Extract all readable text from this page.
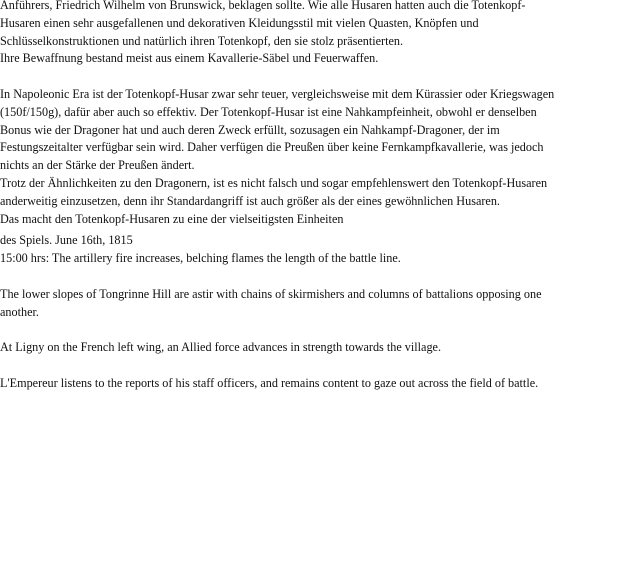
Anführers, Friedrich Wilhelm von Brunswick, beklagen sollte. Wie alle Husaren hatten auch die Totenkopf-Husaren einen sehr ausgefallenen und dekorativen Kleidungsstil mit vielen Quasten, Knöpfen und Schlüsselkonstruktionen und natürlich ihren Totenkopf, den sie stolz präsentierten.

Ihre Bewaffnung bestand meist aus einem Kavallerie-Säbel und Feuerwaffen.

In Napoleonic Era ist der Totenkopf-Husar zwar sehr teuer, vergleichsweise mit dem Kürassier oder Kriegswagen (150f/150g), dafür aber auch so effektiv. Der Totenkopf-Husar ist eine Nahkampfeinheit, obwohl er denselben Bonus wie der Dragoner hat und auch deren Zweck erfüllt, sozusagen ein Nahkampf-Dragoner, der im Festungszeitalter verfügbar sein wird. Daher verfügen die Preußen über keine Fernkampfkavallerie, was jedoch nichts an der Stärke der Preußen ändert.

Trotz der Ähnlichkeiten zu den Dragonern, ist es nicht falsch und sogar empfehlenswert den Totenkopf-Husaren anderweitig einzusetzen, denn ihr Standardangriff ist auch größer als der eines gewöhnlichen Husaren.

Das macht den Totenkopf-Husaren zu eine der vielseitigsten Einheiten

des Spiels. June 16th, 1815

15:00 hrs: The artillery fire increases, belching flames the length of the battle line.

The lower slopes of Tongrinne Hill are astir with chains of skirmishers and columns of battalions opposing one another.

At Ligny on the French left wing, an Allied force advances in strength towards the village.

L'Empereur listens to the reports of his staff officers, and remains content to gaze out across the field of battle.
